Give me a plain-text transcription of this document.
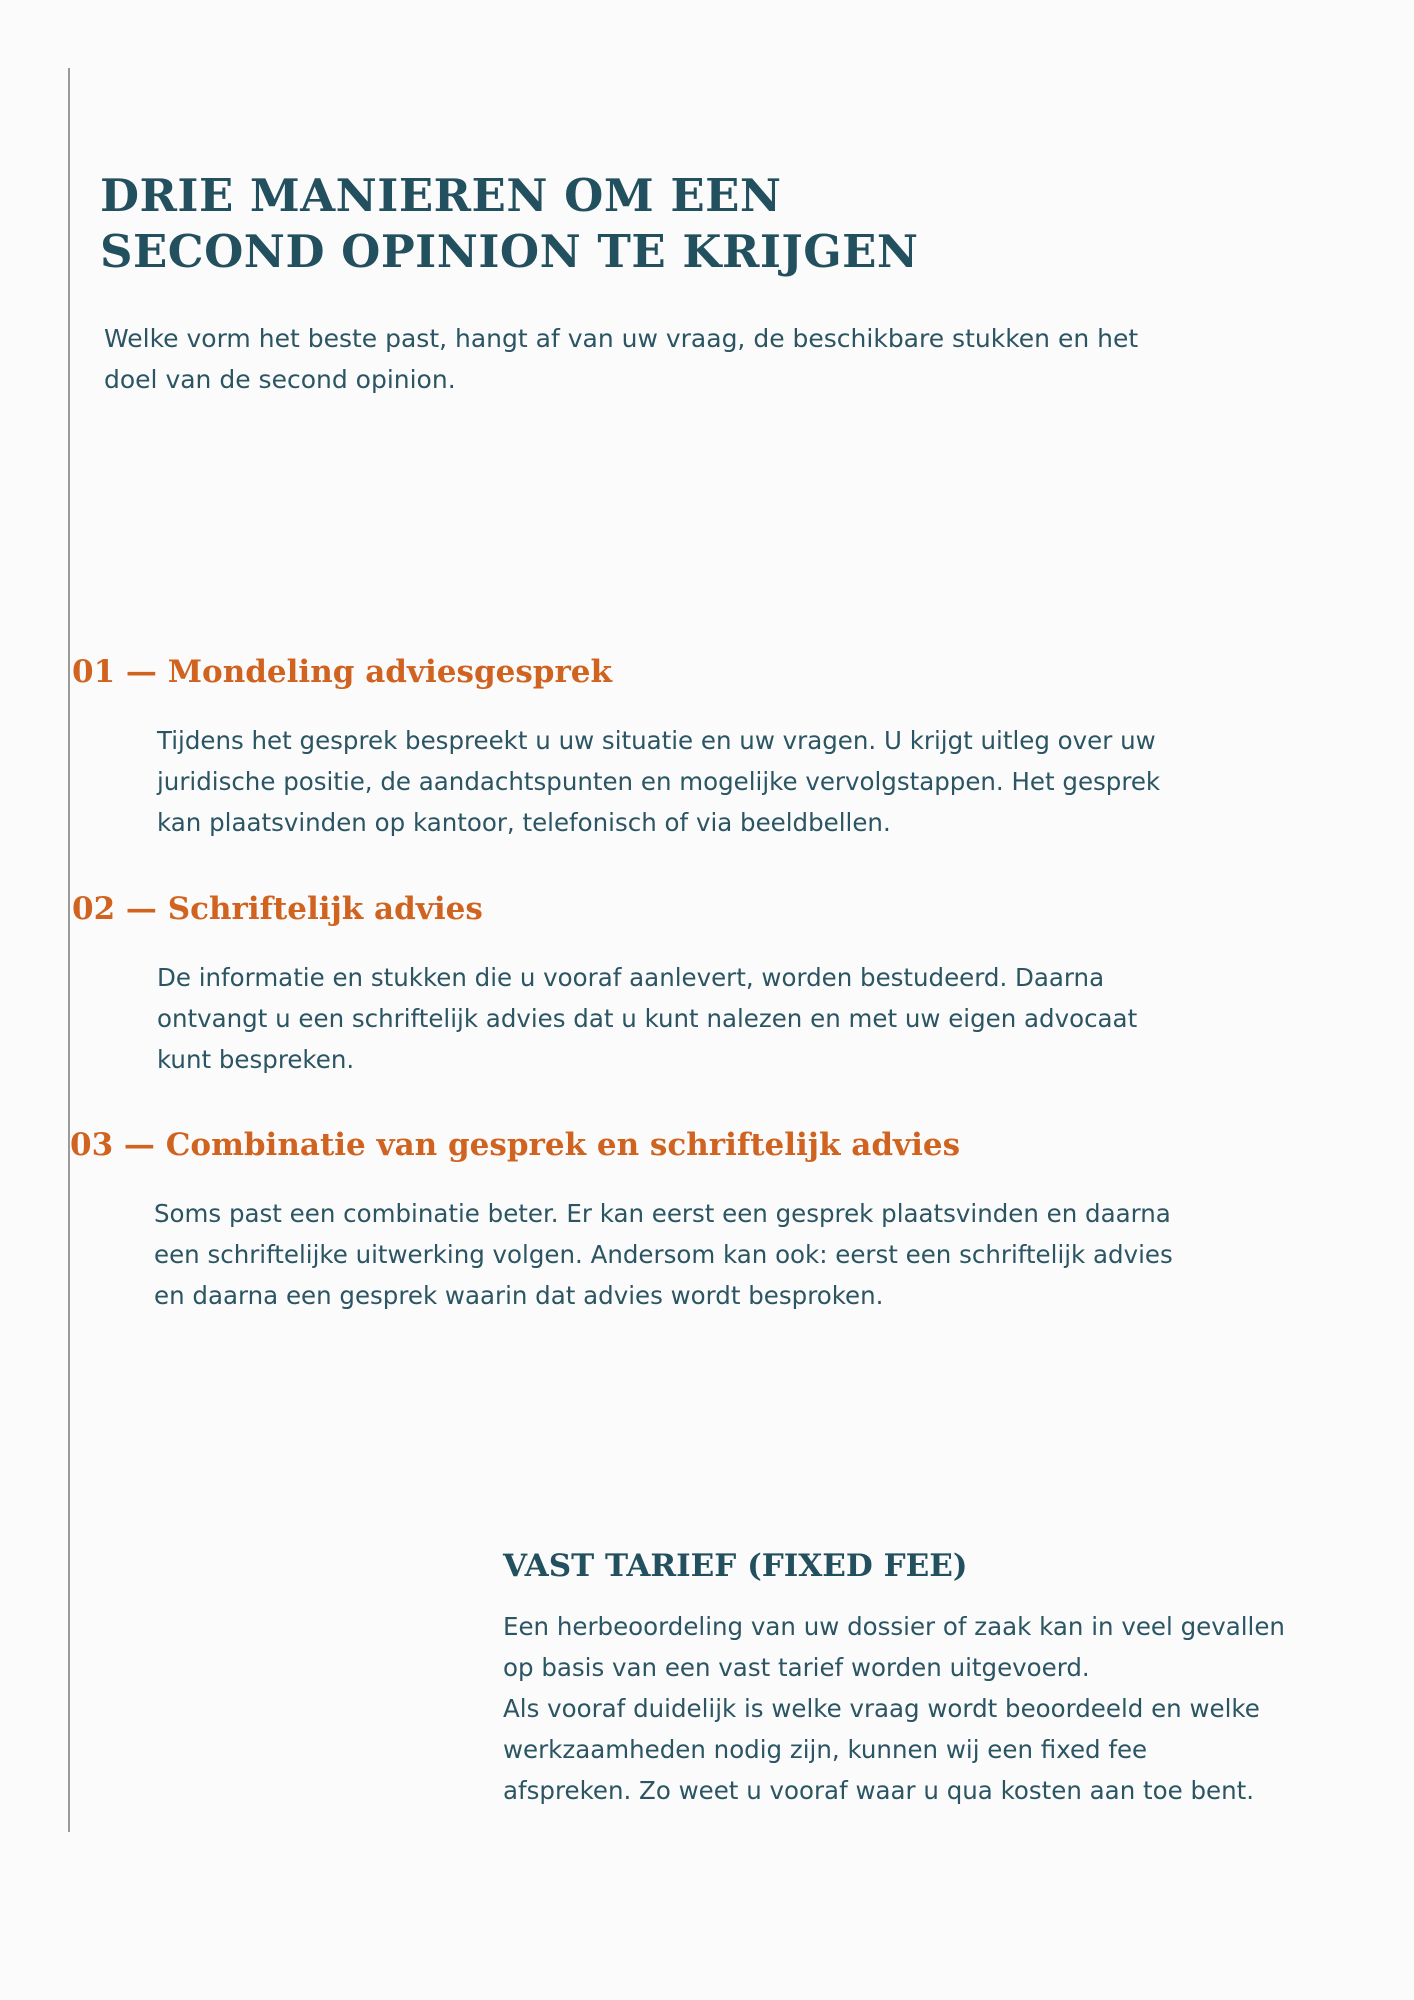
DRIE MANIEREN OM EEN
SECOND OPINION TE KRIJGEN

Welke vorm het beste past, hangt af van uw vraag, de beschikbare stukken en het
doel van de second opinion.

01 — Mondeling adviesgesprek

Tijdens het gesprek bespreekt u uw situatie en uw vragen. U krijgt uitleg over uw
juridische positie, de aandachtspunten en mogelijke vervolgstappen. Het gesprek
kan plaatsvinden op kantoor, telefonisch of via beeldbellen.

02 — Schriftelijk advies

De informatie en stukken die u vooraf aanlevert, worden bestudeerd. Daarna
ontvangt u een schriftelijk advies dat u kunt nalezen en met uw eigen advocaat
kunt bespreken.

03 — Combinatie van gesprek en schriftelijk advies

Soms past een combinatie beter. Er kan eerst een gesprek plaatsvinden en daarna
een schriftelijke uitwerking volgen. Andersom kan ook: eerst een schriftelijk advies
en daarna een gesprek waarin dat advies wordt besproken.

VAST TARIEF (FIXED FEE)

Een herbeoordeling van uw dossier of zaak kan in veel gevallen
op basis van een vast tarief worden uitgevoerd.
Als vooraf duidelijk is welke vraag wordt beoordeeld en welke
werkzaamheden nodig zijn, kunnen wij een fixed fee
afspreken. Zo weet u vooraf waar u qua kosten aan toe bent.
